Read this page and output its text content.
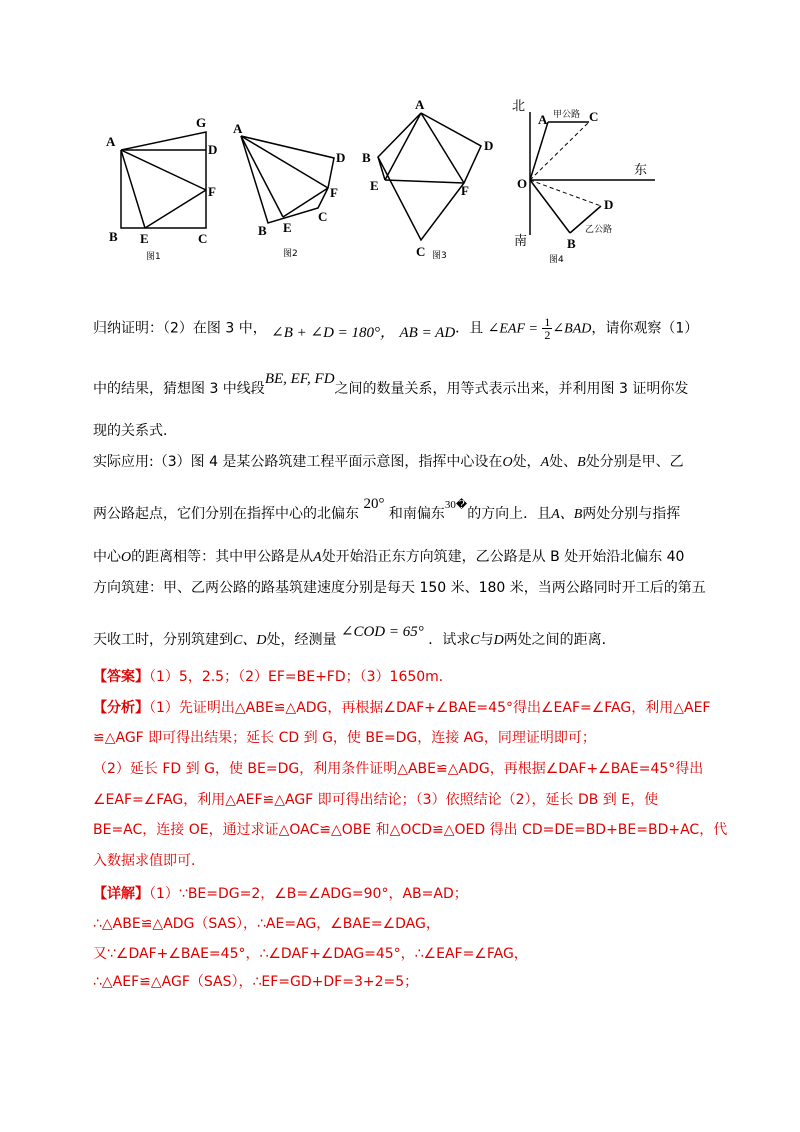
A
G
D
F
B E	C
图1
A
D
F
E
C
B
图2
A
B
D
E	F
C 图3
北
东
南
A 甲公路 C
O
D
乙公路
B
图4
归纳证明：（2）在图 3 中， ∠B + ∠D = 180°， AB = AD．且 ∠EAF = $\frac{1}{2}$ ∠BAD，请你观察（1）
中的结果，猜想图 3 中线段BE, EF, FD之间的数量关系，用等式表示出来，并利用图 3 证明你发
现的关系式．
实际应用:（3）图 4 是某公路筑建工程平面示意图，指挥中心设在O处，A处、B处分别是甲、乙
两公路起点，它们分别在指挥中心的北偏东 20° 和南偏东$^{30�}$的方向上．且A、B两处分别与指挥
中心O的距离相等：其中甲公路是从A处开始沿正东方向筑建，乙公路是从 B 处开始沿北偏东 40
方向筑建：甲、乙两公路的路基筑建速度分别是每天 150 米、180 米，当两公路同时开工后的第五
天收工时，分别筑建到C、D处，经测量 ∠COD = 65° ．试求C与D两处之间的距离．
【答案】（1）5，2.5；（2）EF=BE+FD；（3）1650m．
【分析】（1）先证明出△ABE≌△ADG，再根据∠DAF+∠BAE=45°得出∠EAF=∠FAG，利用△AEF
≌△AGF 即可得出结果；延长 CD 到 G，使 BE=DG，连接 AG，同理证明即可；
（2）延长 FD 到 G，使 BE=DG，利用条件证明△ABE≌△ADG，再根据∠DAF+∠BAE=45°得出
∠EAF=∠FAG，利用△AEF≌△AGF 即可得出结论；（3）依照结论（2），延长 DB 到 E，使
BE=AC，连接 OE，通过求证△OAC≌△OBE 和△OCD≌△OED 得出 CD=DE=BD+BE=BD+AC，代
入数据求值即可．
【详解】（1）∵BE=DG=2，∠B=∠ADG=90°，AB=AD；
∴△ABE≌△ADG（SAS），∴AE=AG，∠BAE=∠DAG，
又∵∠DAF+∠BAE=45°，∴∠DAF+∠DAG=45°，∴∠EAF=∠FAG，
∴△AEF≌△AGF（SAS），∴EF=GD+DF=3+2=5；
